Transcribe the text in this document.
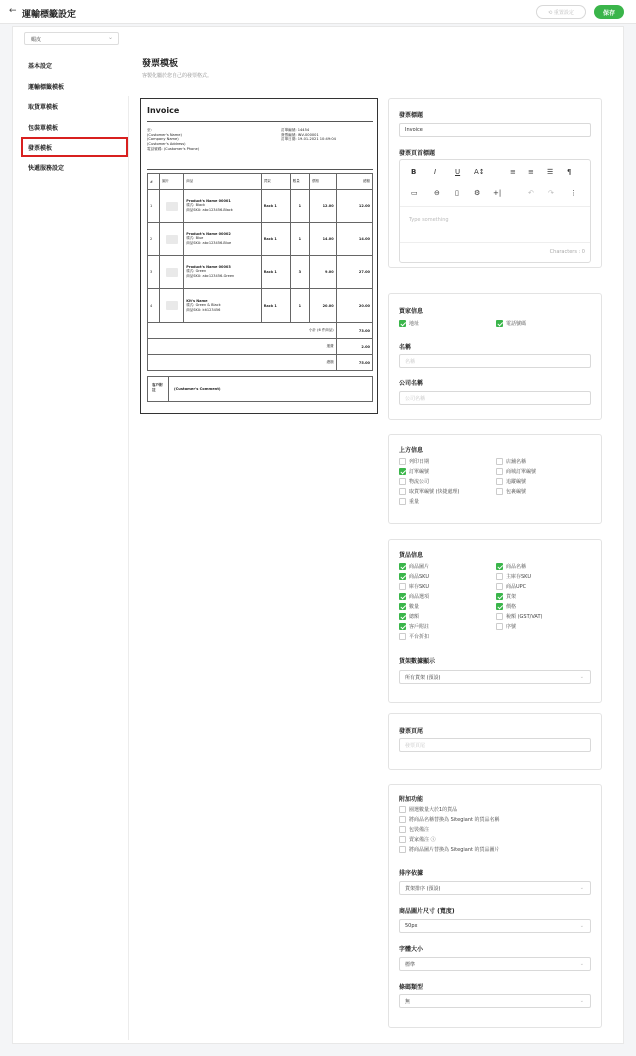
← 運輸標籤設定	⟲ 重置設定	保存
蝦皮	⌄
基本設定
運輸標籤模板
取貨單模板
包裝單模板
發票模板
快遞服務設定
發票模板
客製化屬於您自己的發票格式。
Invoice
至:
(Customer's Name)
(Company Name)
(Customer's Address)
電話號碼: (Customer's Phone)
訂單編號: 14454
發票編號: INV-000001
訂單日期: 19-01-2021 10:49:04
#	圖片	商品	貨架	數量	價格	總額
1		Product's Name 00001
樣式: Black
商品SKU: abc123456-Black	Rack 1	1	12.00	12.00
2		Product's Name 00002
樣式: Blue
商品SKU: abc123456-Blue	Rack 1	1	14.00	14.00
3		Product's Name 00003
樣式: Green
商品SKU: abc123456-Green	Rack 1	3	9.00	27.00
4		Kit's Name
樣式: Green & Black
商品SKU: kit123456	Rack 1	1	20.00	20.00
小計 (6 件商品)						73.00
運費						2.00
總額						75.00
客戶附註	(Customer's Comment)
發票標題
Invoice
發票頁首標題
B	I	U A↕	≡ ≡ ☰ ¶
▭ ⊖ ▯ ⚙ +|	↶ ↷ ⋮
Type something
Characters : 0
買家信息
地址	電話號碼
名稱
名稱
公司名稱
公司名稱
上方信息
列印日期
訂單編號
物流公司
取貨單編號 (快捷處理)
重量
店舖名稱
商城訂單編號
追蹤編號
包裹編號
貨品信息
商品圖片
商品SKU
庫存SKU
商品選項
數量
總額
客戶附註
平台折扣
商品名稱
主庫存SKU
商品UPC
貨架
價格
稅額 (GST/VAT)
序號
貨架數據顯示
所有貨架 (預設)	⌄
發票頁尾
發票頁尾
附加功能
圈選數量大於1的貨品
將商品名稱替換為 Sitegiant 的貨品名稱
包裝備注
賣家備注 ⓘ
將商品圖片替換為 Sitegiant 的貨品圖片
排序依據
貨架排序 (預設)	⌄
商品圖片尺寸 (寬度)
50px	⌄
字體大小
標準	⌄
條碼類型
無	⌄
